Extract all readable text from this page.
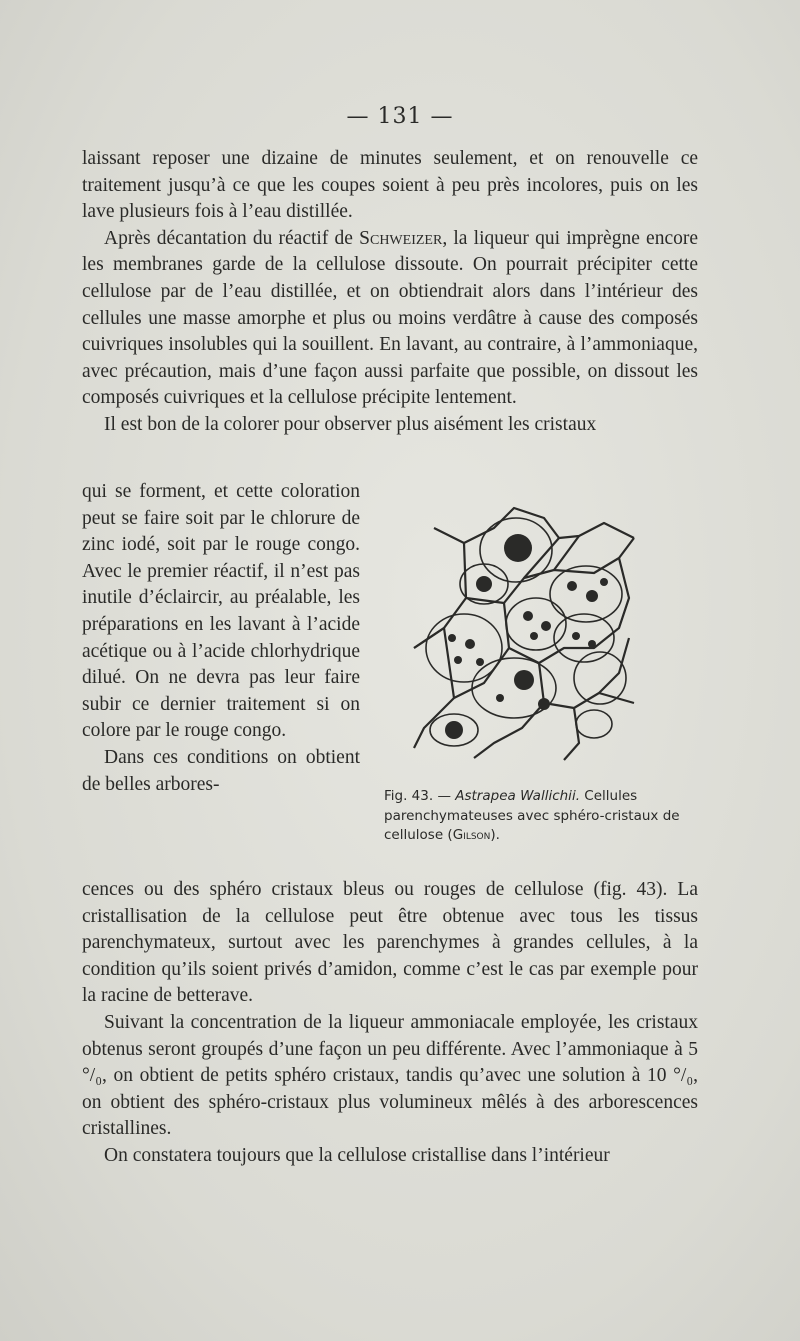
— 131 —

laissant reposer une dizaine de minutes seulement, et on renouvelle ce traitement jusqu’à ce que les coupes soient à peu près incolores, puis on les lave plusieurs fois à l’eau distillée.

Après décantation du réactif de Schweizer, la liqueur qui imprègne encore les membranes garde de la cellulose dissoute. On pourrait précipiter cette cellulose par de l’eau distillée, et on obtiendrait alors dans l’intérieur des cellules une masse amorphe et plus ou moins verdâtre à cause des composés cuivriques insolubles qui la souillent. En lavant, au contraire, à l’ammoniaque, avec précaution, mais d’une façon aussi parfaite que possible, on dissout les composés cuivriques et la cellulose précipite lentement.

Il est bon de la colorer pour observer plus aisément les cristaux

qui se forment, et cette coloration peut se faire soit par le chlorure de zinc iodé, soit par le rouge congo. Avec le premier réactif, il n’est pas inutile d’éclaircir, au préalable, les préparations en les lavant à l’acide acétique ou à l’acide chlorhydrique dilué. On ne devra pas leur faire subir ce dernier traitement si on colore par le rouge congo.

Dans ces conditions on obtient de belles arbores-

cences ou des sphéro cristaux bleus ou rouges de cellulose (fig. 43). La cristallisation de la cellulose peut être obtenue avec tous les tissus parenchymateux, surtout avec les parenchymes à grandes cellules, à la condition qu’ils soient privés d’amidon, comme c’est le cas par exemple pour la racine de betterave.

Suivant la concentration de la liqueur ammoniacale employée, les cristaux obtenus seront groupés d’une façon un peu différente. Avec l’ammoniaque à 5 °/₀, on obtient de petits sphéro cristaux, tandis qu’avec une solution à 10 °/₀, on obtient des sphéro-cristaux plus volumineux mêlés à des arborescences cristallines.

On constatera toujours que la cellulose cristallise dans l’intérieur

Fig. 43. — Astrapea Wallichii. Cellules parenchymateuses avec sphéro-cristaux de cellulose (Gilson).
